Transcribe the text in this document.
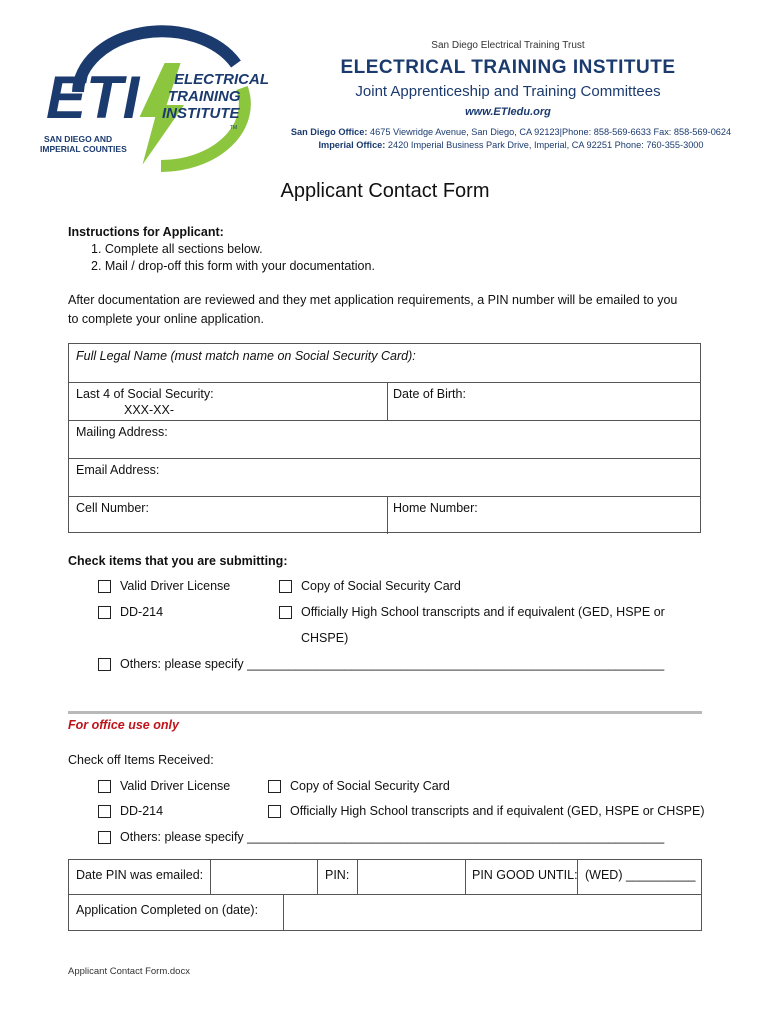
ETI ELECTRICAL
TRAINING
INSTITUTE
TM
SAN DIEGO AND
IMPERIAL COUNTIES
San Diego Electrical Training Trust
ELECTRICAL TRAINING INSTITUTE
Joint Apprenticeship and Training Committees
www.ETIedu.org
San Diego Office: 4675 Viewridge Avenue, San Diego, CA 92123|Phone: 858-569-6633 Fax: 858-569-0624
Imperial Office: 2420 Imperial Business Park Drive, Imperial, CA 92251 Phone: 760-355-3000
Applicant Contact Form
Instructions for Applicant:
1. Complete all sections below.
2. Mail / drop-off this form with your documentation.
After documentation are reviewed and they met application requirements, a PIN number will be emailed to you
to complete your online application.
Full Legal Name (must match name on Social Security Card):
Last 4 of Social Security:
XXX-XX-
Date of Birth:
Mailing Address:
Email Address:
Cell Number:	Home Number:
Check items that you are submitting:
Valid Driver License	Copy of Social Security Card
DD-214	Officially High School transcripts and if equivalent (GED, HSPE or
CHSPE)
Others: please specify ____________________________________________________________
For office use only
Check off Items Received:
Valid Driver License	Copy of Social Security Card
DD-214	Officially High School transcripts and if equivalent (GED, HSPE or CHSPE)
Others: please specify ____________________________________________________________
Date PIN was emailed:	PIN:	PIN GOOD UNTIL: (WED) __________
Application Completed on (date):
Applicant Contact Form.docx
